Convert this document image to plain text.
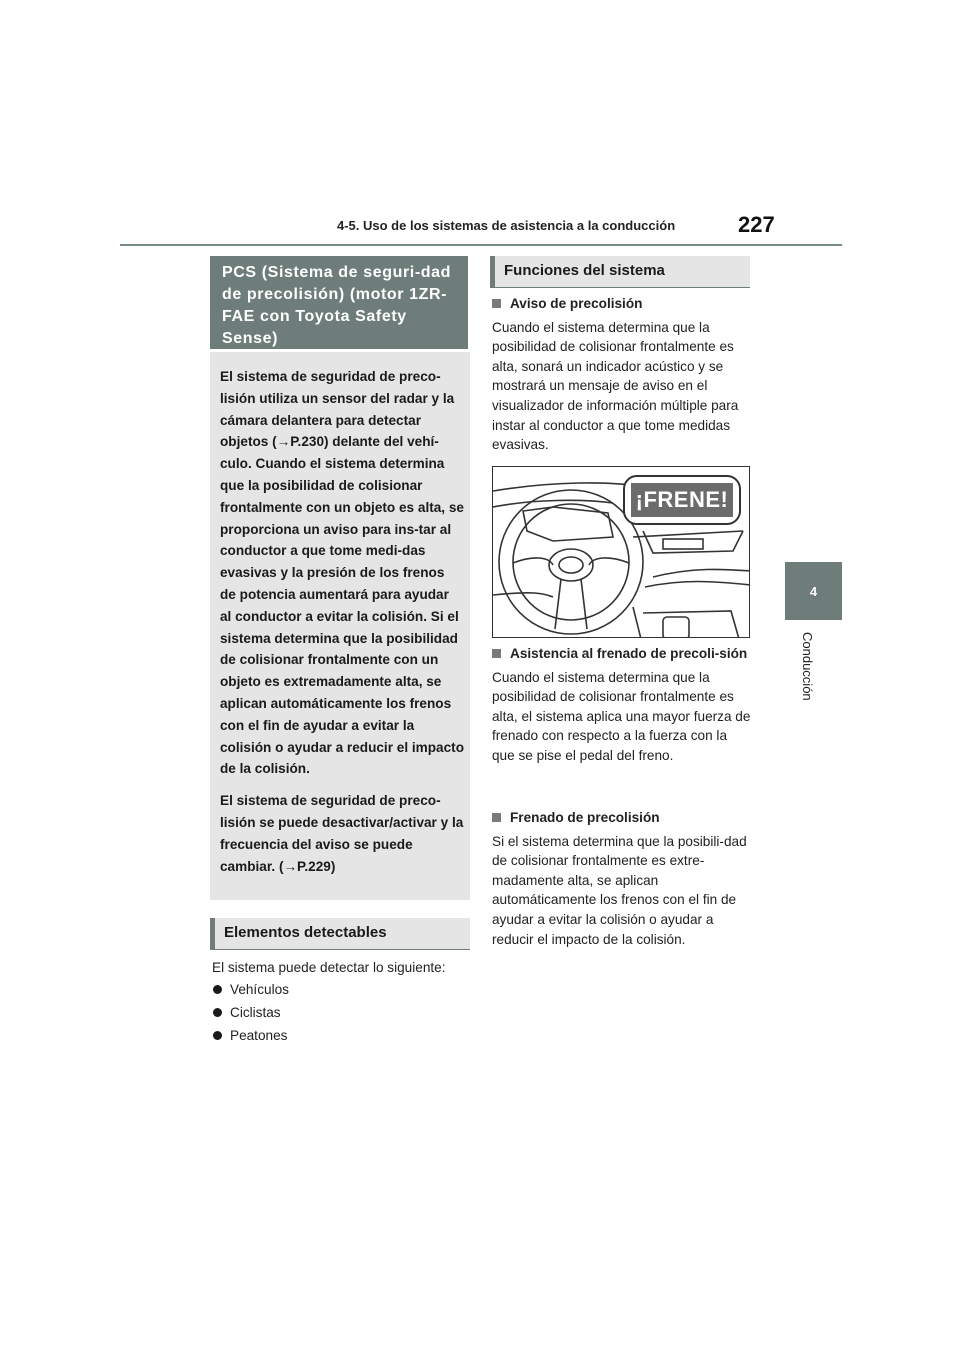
4-5. Uso de los sistemas de asistencia a la conducción	227
4
Conducción
PCS (Sistema de seguri-dad de precolisión) (motor 1ZR-FAE con Toyota Safety Sense)

El sistema de seguridad de preco-lisión utiliza un sensor del radar y la cámara delantera para detectar objetos (→P.230) delante del vehí-culo. Cuando el sistema determina que la posibilidad de colisionar frontalmente con un objeto es alta, se proporciona un aviso para ins-tar al conductor a que tome medi-das evasivas y la presión de los frenos de potencia aumentará para ayudar al conductor a evitar la colisión. Si el sistema determina que la posibilidad de colisionar frontalmente con un objeto es extremadamente alta, se aplican automáticamente los frenos con el fin de ayudar a evitar la colisión o ayudar a reducir el impacto de la colisión.

El sistema de seguridad de preco-lisión se puede desactivar/activar y la frecuencia del aviso se puede cambiar. (→P.229)

Elementos detectables
El sistema puede detectar lo siguiente:
Vehículos
Ciclistas
Peatones
Funciones del sistema
Aviso de precolisión

Cuando el sistema determina que la posibilidad de colisionar frontalmente es alta, sonará un indicador acústico y se mostrará un mensaje de aviso en el visualizador de información múltiple para instar al conductor a que tome medidas evasivas.

¡FRENE!
Asistencia al frenado de precoli-sión

Cuando el sistema determina que la posibilidad de colisionar frontalmente es alta, el sistema aplica una mayor fuerza de frenado con respecto a la fuerza con la que se pise el pedal del freno.

Frenado de precolisión

Si el sistema determina que la posibili-dad de colisionar frontalmente es extre-madamente alta, se aplican automáticamente los frenos con el fin de ayudar a evitar la colisión o ayudar a reducir el impacto de la colisión.
